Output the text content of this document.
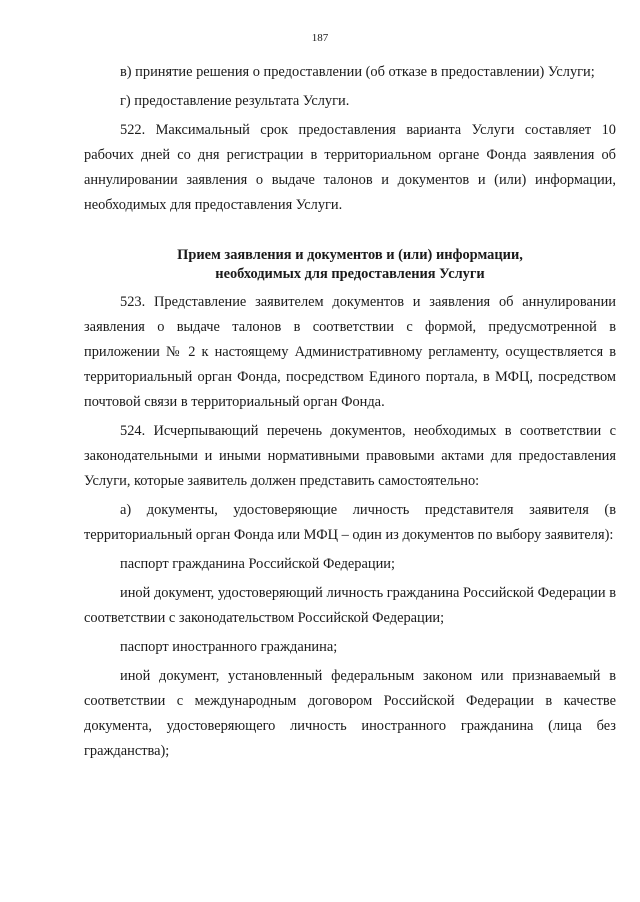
187

в) принятие решения о предоставлении (об отказе в предоставлении) Услуги;

г) предоставление результата Услуги.

522. Максимальный срок предоставления варианта Услуги составляет 10 рабочих дней со дня регистрации в территориальном органе Фонда заявления об аннулировании заявления о выдаче талонов и документов и (или) информации, необходимых для предоставления Услуги.

Прием заявления и документов и (или) информации,
необходимых для предоставления Услуги

523. Представление заявителем документов и заявления об аннулировании заявления о выдаче талонов в соответствии с формой, предусмотренной в приложении № 2 к настоящему Административному регламенту, осуществляется в территориальный орган Фонда, посредством Единого портала, в МФЦ, посредством почтовой связи в территориальный орган Фонда.

524. Исчерпывающий перечень документов, необходимых в соответствии с законодательными и иными нормативными правовыми актами для предоставления Услуги, которые заявитель должен представить самостоятельно:

а) документы, удостоверяющие личность представителя заявителя (в территориальный орган Фонда или МФЦ – один из документов по выбору заявителя):

паспорт гражданина Российской Федерации;

иной документ, удостоверяющий личность гражданина Российской Федерации в соответствии с законодательством Российской Федерации;

паспорт иностранного гражданина;

иной документ, установленный федеральным законом или признаваемый в соответствии с международным договором Российской Федерации в качестве документа, удостоверяющего личность иностранного гражданина (лица без гражданства);
